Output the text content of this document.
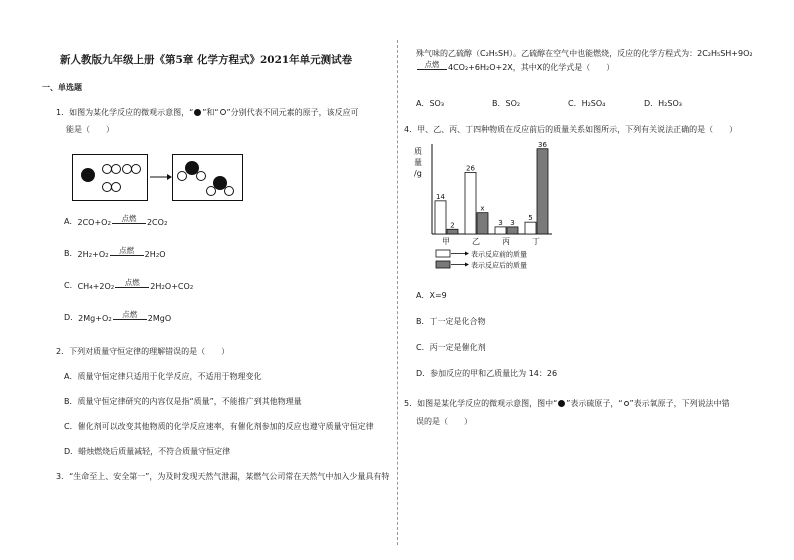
新人教版九年级上册《第5章 化学方程式》2021年单元测试卷
一、单选题
1．如图为某化学反应的微观示意图，“ ”和“ ”分别代表不同元素的原子，该反应可
能是（　　）
A． 2CO+O 2
点燃 2CO 2
B． 2H 2 +O 2
点燃 2H 2 O
C． CH 4 +2O 2
点燃 2H 2 O+CO 2
D． 2Mg+O 2
点燃 2MgO
2．下列对质量守恒定律的理解错误的是（　　）
A．质量守恒定律只适用于化学反应，不适用于物理变化
B．质量守恒定律研究的内容仅是指“质量”，不能推广到其他物理量
C．催化剂可以改变其他物质的化学反应速率，有催化剂参加的反应也遵守质量守恒定律
D．蜡烛燃烧后质量减轻，不符合质量守恒定律
3．“生命至上、安全第一”，为及时发现天然气泄漏，某燃气公司常在天然气中加入少量具有特
殊气味的乙硫醇（C₂H₅SH）。乙硫醇在空气中也能燃烧，反应的化学方程式为：2C₂H₅SH+9O₂
点燃 4CO₂+6H₂O+2X，其中X的化学式是（　　）
A．SO₃	B．SO₂	C．H₂SO₄	D．H₂SO₃
4．甲、乙、丙、丁四种物质在反应前后的质量关系如图所示，下列有关说法正确的是（　　）
质
量
/g
14
2
26
x
3 3
5
36
甲	乙	丙	丁
表示反应前的质量
表示反应后的质量
A．X=9
B．丁一定是化合物
C．丙一定是催化剂
D．参加反应的甲和乙质量比为 14：26
5．如图是某化学反应的微观示意图，图中“ ”表示硫原子，“ ”表示氧原子，下列说法中错
误的是（　　）
